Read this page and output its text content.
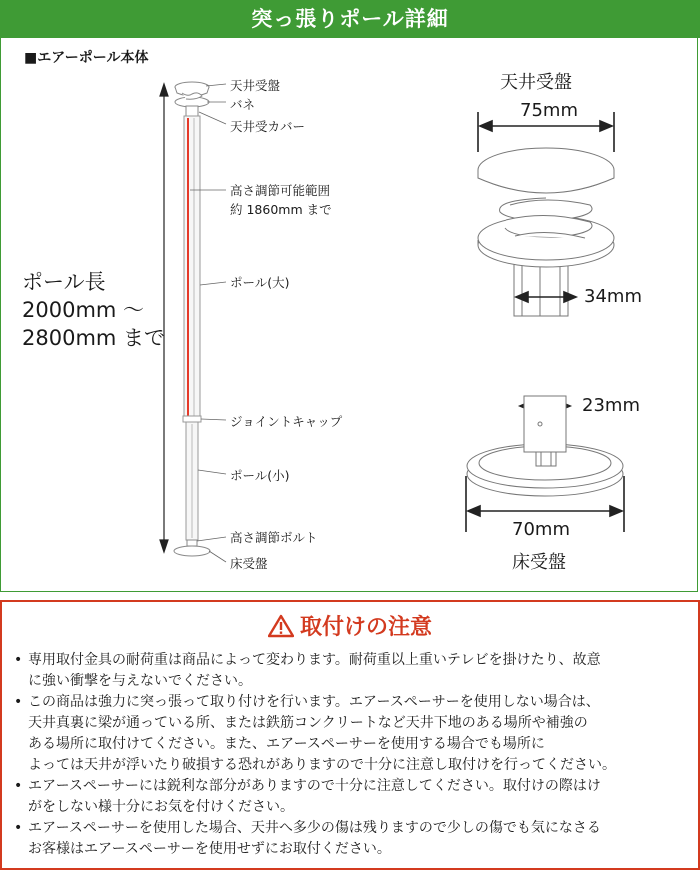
突っ張りポール詳細
■エアーポール本体
天井受盤
バネ
天井受カバー
高さ調節可能範囲
約 1860mm まで
ポール(大)
ジョイントキャップ
ポール(小)
高さ調節ボルト
床受盤
ポール長
2000mm ～
2800mm まで
天井受盤
75mm
34mm
23mm
70mm
床受盤
取付けの注意
• 専用取付金具の耐荷重は商品によって変わります。耐荷重以上重いテレビを掛けたり、故意
に強い衝撃を与えないでください。
• この商品は強力に突っ張って取り付けを行います。エアースペーサーを使用しない場合は、
天井真裏に梁が通っている所、または鉄筋コンクリートなど天井下地のある場所や補強の
ある場所に取付けてください。また、エアースペーサーを使用する場合でも場所に
よっては天井が浮いたり破損する恐れがありますので十分に注意し取付けを行ってください。
• エアースペーサーには鋭利な部分がありますので十分に注意してください。取付けの際はけ
がをしない様十分にお気を付けください。
• エアースペーサーを使用した場合、天井へ多少の傷は残りますので少しの傷でも気になさる
お客様はエアースペーサーを使用せずにお取付ください。
